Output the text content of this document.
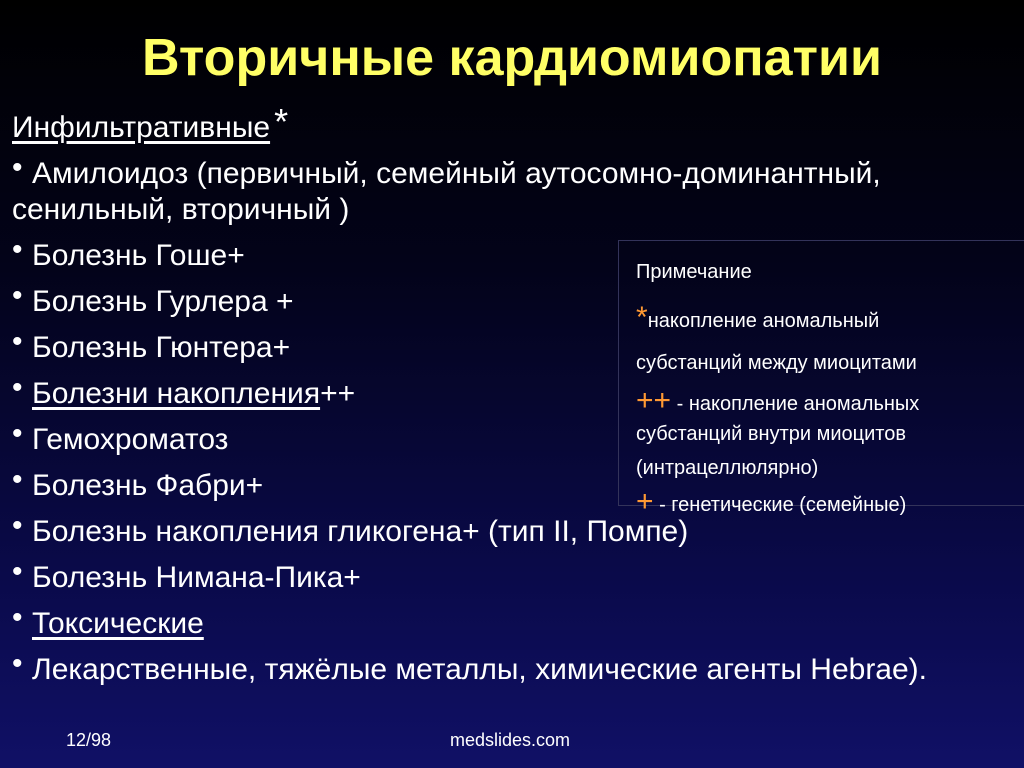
Вторичные кардиомиопатии
Инфильтративные *
• Амилоидоз (первичный, семейный аутосомно-доминантный, сенильный, вторичный )
• Болезнь Гоше+
• Болезнь Гурлера +
• Болезнь Гюнтера+
• Болезни накопления++
• Гемохроматоз
• Болезнь Фабри+
• Болезнь накопления гликогена+ (тип II, Помпе)
• Болезнь Нимана-Пика+
• Токсические
• Лекарственные, тяжёлые металлы, химические агенты Hebrae).
Примечание
*накопление аномальный
субстанций между миоцитами
++ - накопление аномальных
субстанций внутри миоцитов
(интрацеллюлярно)
+ - генетические (семейные)
12/98	medslides.com
